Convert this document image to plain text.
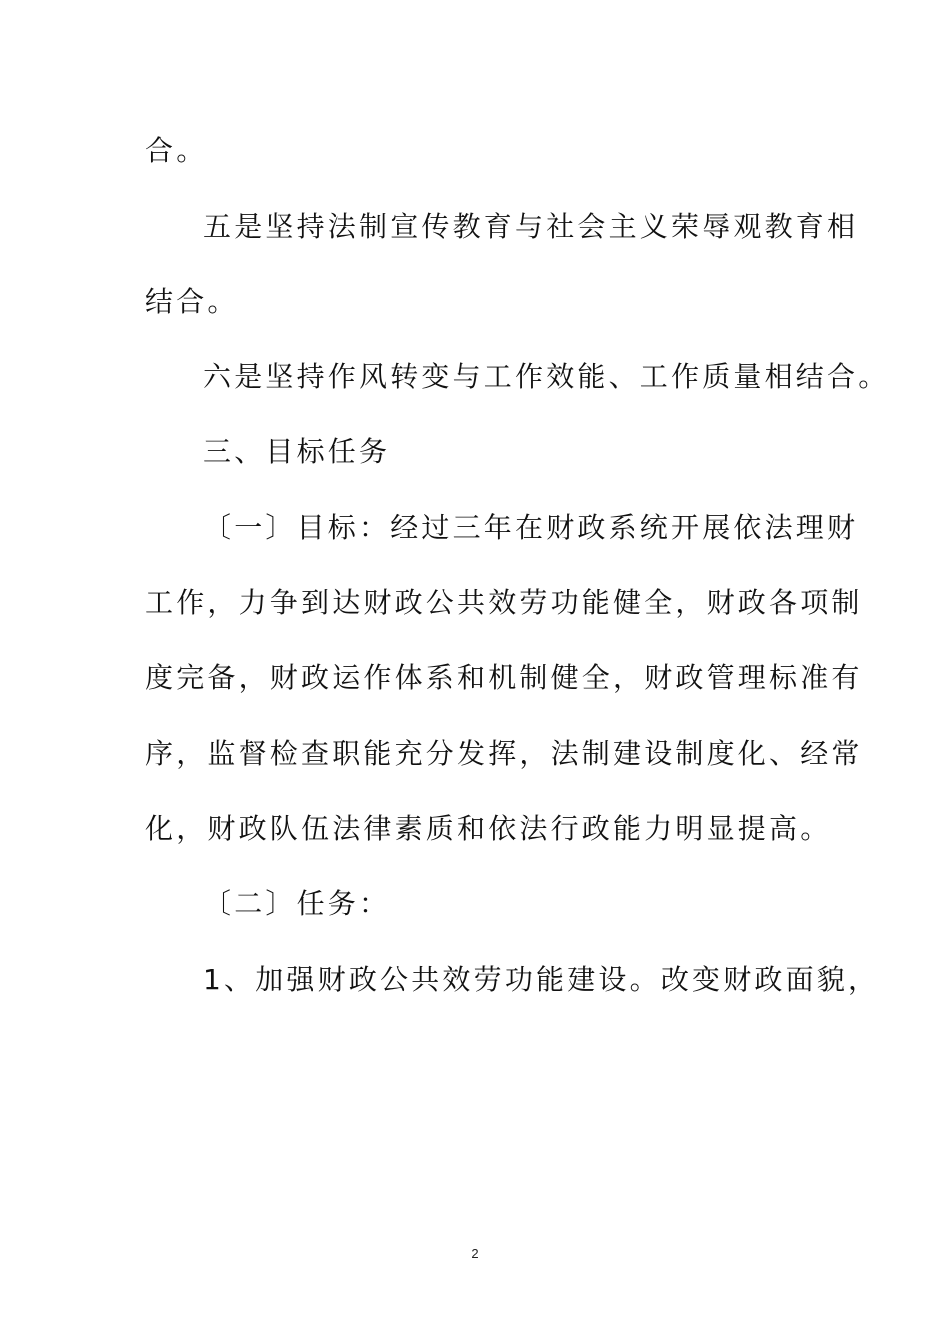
合。
五是坚持法制宣传教育与社会主义荣辱观教育相
结合。
六是坚持作风转变与工作效能、工作质量相结合。
三、目标任务
〔一〕目标：经过三年在财政系统开展依法理财
工作，力争到达财政公共效劳功能健全，财政各项制
度完备，财政运作体系和机制健全，财政管理标准有
序，监督检查职能充分发挥，法制建设制度化、经常
化，财政队伍法律素质和依法行政能力明显提高。
〔二〕任务：
1、加强财政公共效劳功能建设。改变财政面貌，
2
